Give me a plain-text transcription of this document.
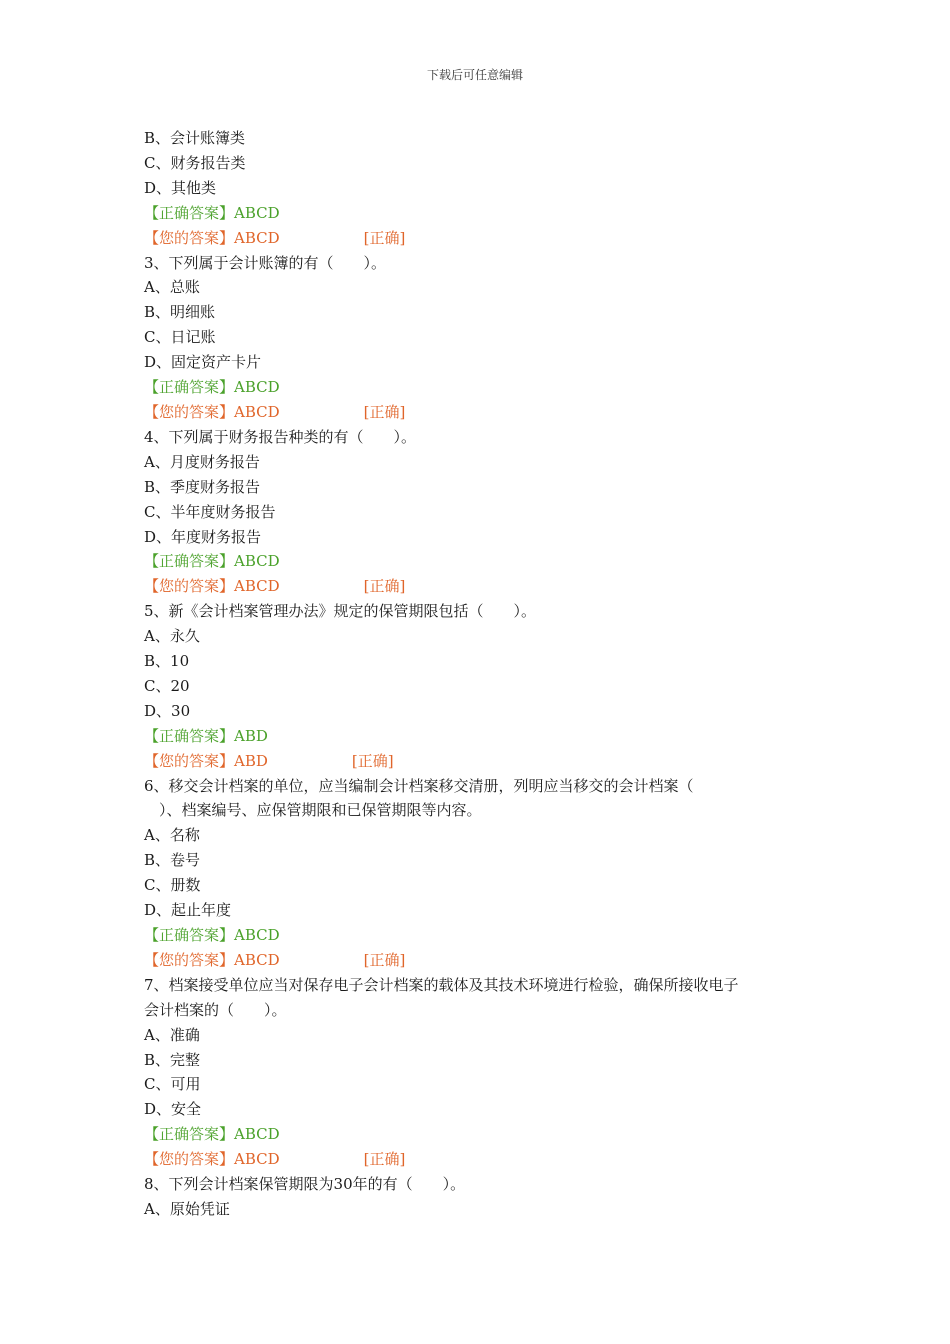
下载后可任意编辑
B、会计账簿类
C、财务报告类
D、其他类
【正确答案】ABCD
【您的答案】ABCD	[正确]
3、下列属于会计账簿的有（　　）。
A、总账
B、明细账
C、日记账
D、固定资产卡片
【正确答案】ABCD
【您的答案】ABCD	[正确]
4、下列属于财务报告种类的有（　　）。
A、月度财务报告
B、季度财务报告
C、半年度财务报告
D、年度财务报告
【正确答案】ABCD
【您的答案】ABCD	[正确]
5、新《会计档案管理办法》规定的保管期限包括（　　）。
A、永久
B、10
C、20
D、30
【正确答案】ABD
【您的答案】ABD	[正确]
6、移交会计档案的单位，应当编制会计档案移交清册，列明应当移交的会计档案（
　）、档案编号、应保管期限和已保管期限等内容。
A、名称
B、卷号
C、册数
D、起止年度
【正确答案】ABCD
【您的答案】ABCD	[正确]
7、档案接受单位应当对保存电子会计档案的载体及其技术环境进行检验，确保所接收电子
会计档案的（　　）。
A、准确
B、完整
C、可用
D、安全
【正确答案】ABCD
【您的答案】ABCD	[正确]
8、下列会计档案保管期限为30年的有（　　）。
A、原始凭证
